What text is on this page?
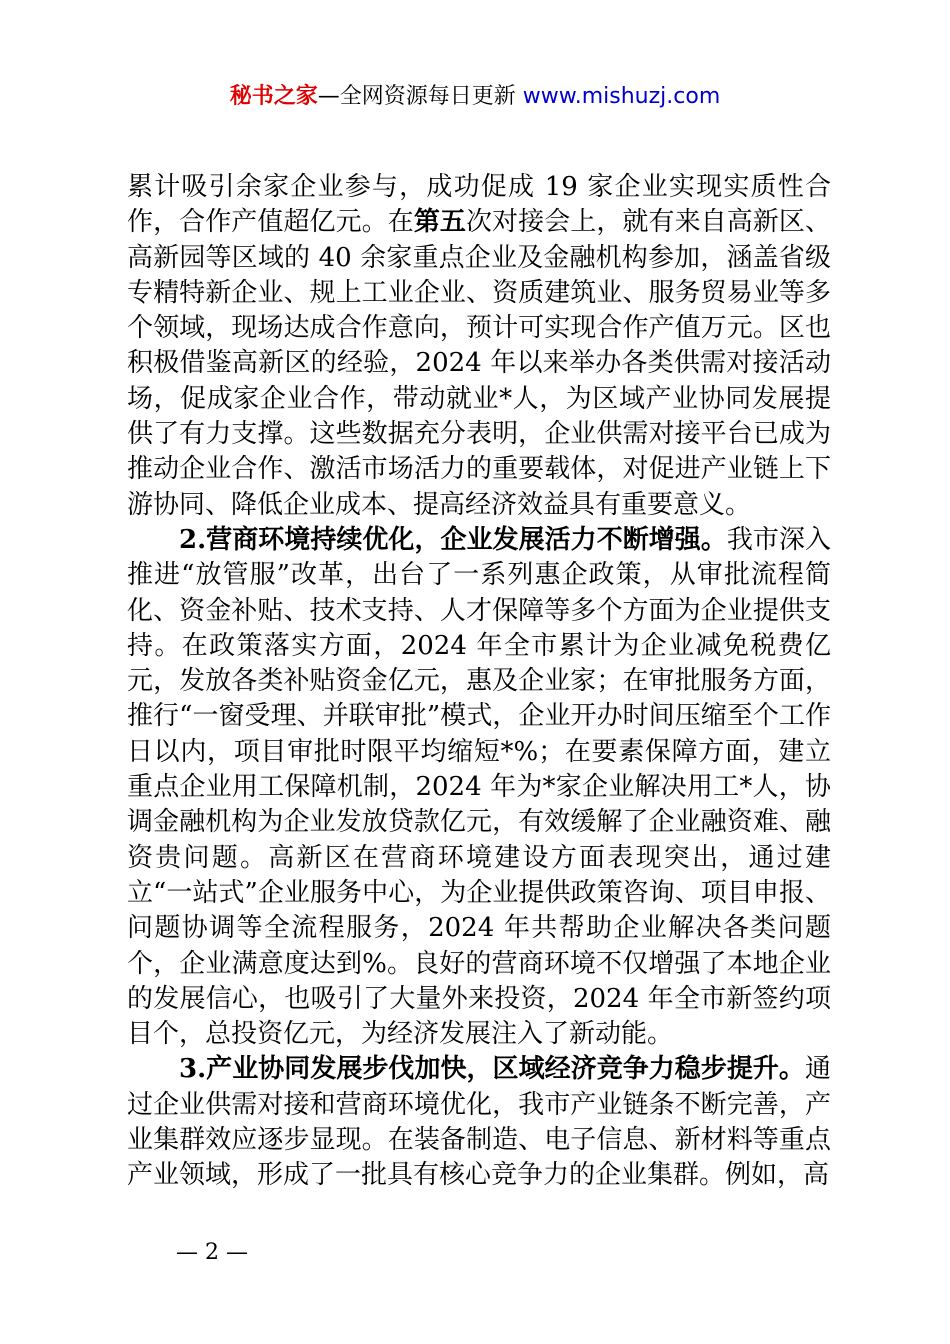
秘书之家—全网资源每日更新 www.mishuzj.com

累计吸引余家企业参与，成功促成 19 家企业实现实质性合作，合作产值超亿元。在第五次对接会上，就有来自高新区、高新园等区域的 40 余家重点企业及金融机构参加，涵盖省级专精特新企业、规上工业企业、资质建筑业、服务贸易业等多个领域，现场达成合作意向，预计可实现合作产值万元。区也积极借鉴高新区的经验，2024 年以来举办各类供需对接活动场，促成家企业合作，带动就业*人，为区域产业协同发展提供了有力支撑。这些数据充分表明，企业供需对接平台已成为推动企业合作、激活市场活力的重要载体，对促进产业链上下游协同、降低企业成本、提高经济效益具有重要意义。

2.营商环境持续优化，企业发展活力不断增强。我市深入推进“放管服”改革，出台了一系列惠企政策，从审批流程简化、资金补贴、技术支持、人才保障等多个方面为企业提供支持。在政策落实方面，2024 年全市累计为企业减免税费亿元，发放各类补贴资金亿元，惠及企业家；在审批服务方面，推行“一窗受理、并联审批”模式，企业开办时间压缩至个工作日以内，项目审批时限平均缩短*%；在要素保障方面，建立重点企业用工保障机制，2024 年为*家企业解决用工*人，协调金融机构为企业发放贷款亿元，有效缓解了企业融资难、融资贵问题。高新区在营商环境建设方面表现突出，通过建立“一站式”企业服务中心，为企业提供政策咨询、项目申报、问题协调等全流程服务，2024 年共帮助企业解决各类问题个，企业满意度达到%。良好的营商环境不仅增强了本地企业的发展信心，也吸引了大量外来投资，2024 年全市新签约项目个，总投资亿元，为经济发展注入了新动能。

3.产业协同发展步伐加快，区域经济竞争力稳步提升。通过企业供需对接和营商环境优化，我市产业链条不断完善，产业集群效应逐步显现。在装备制造、电子信息、新材料等重点产业领域，形成了一批具有核心竞争力的企业集群。例如，高

— 2 —
